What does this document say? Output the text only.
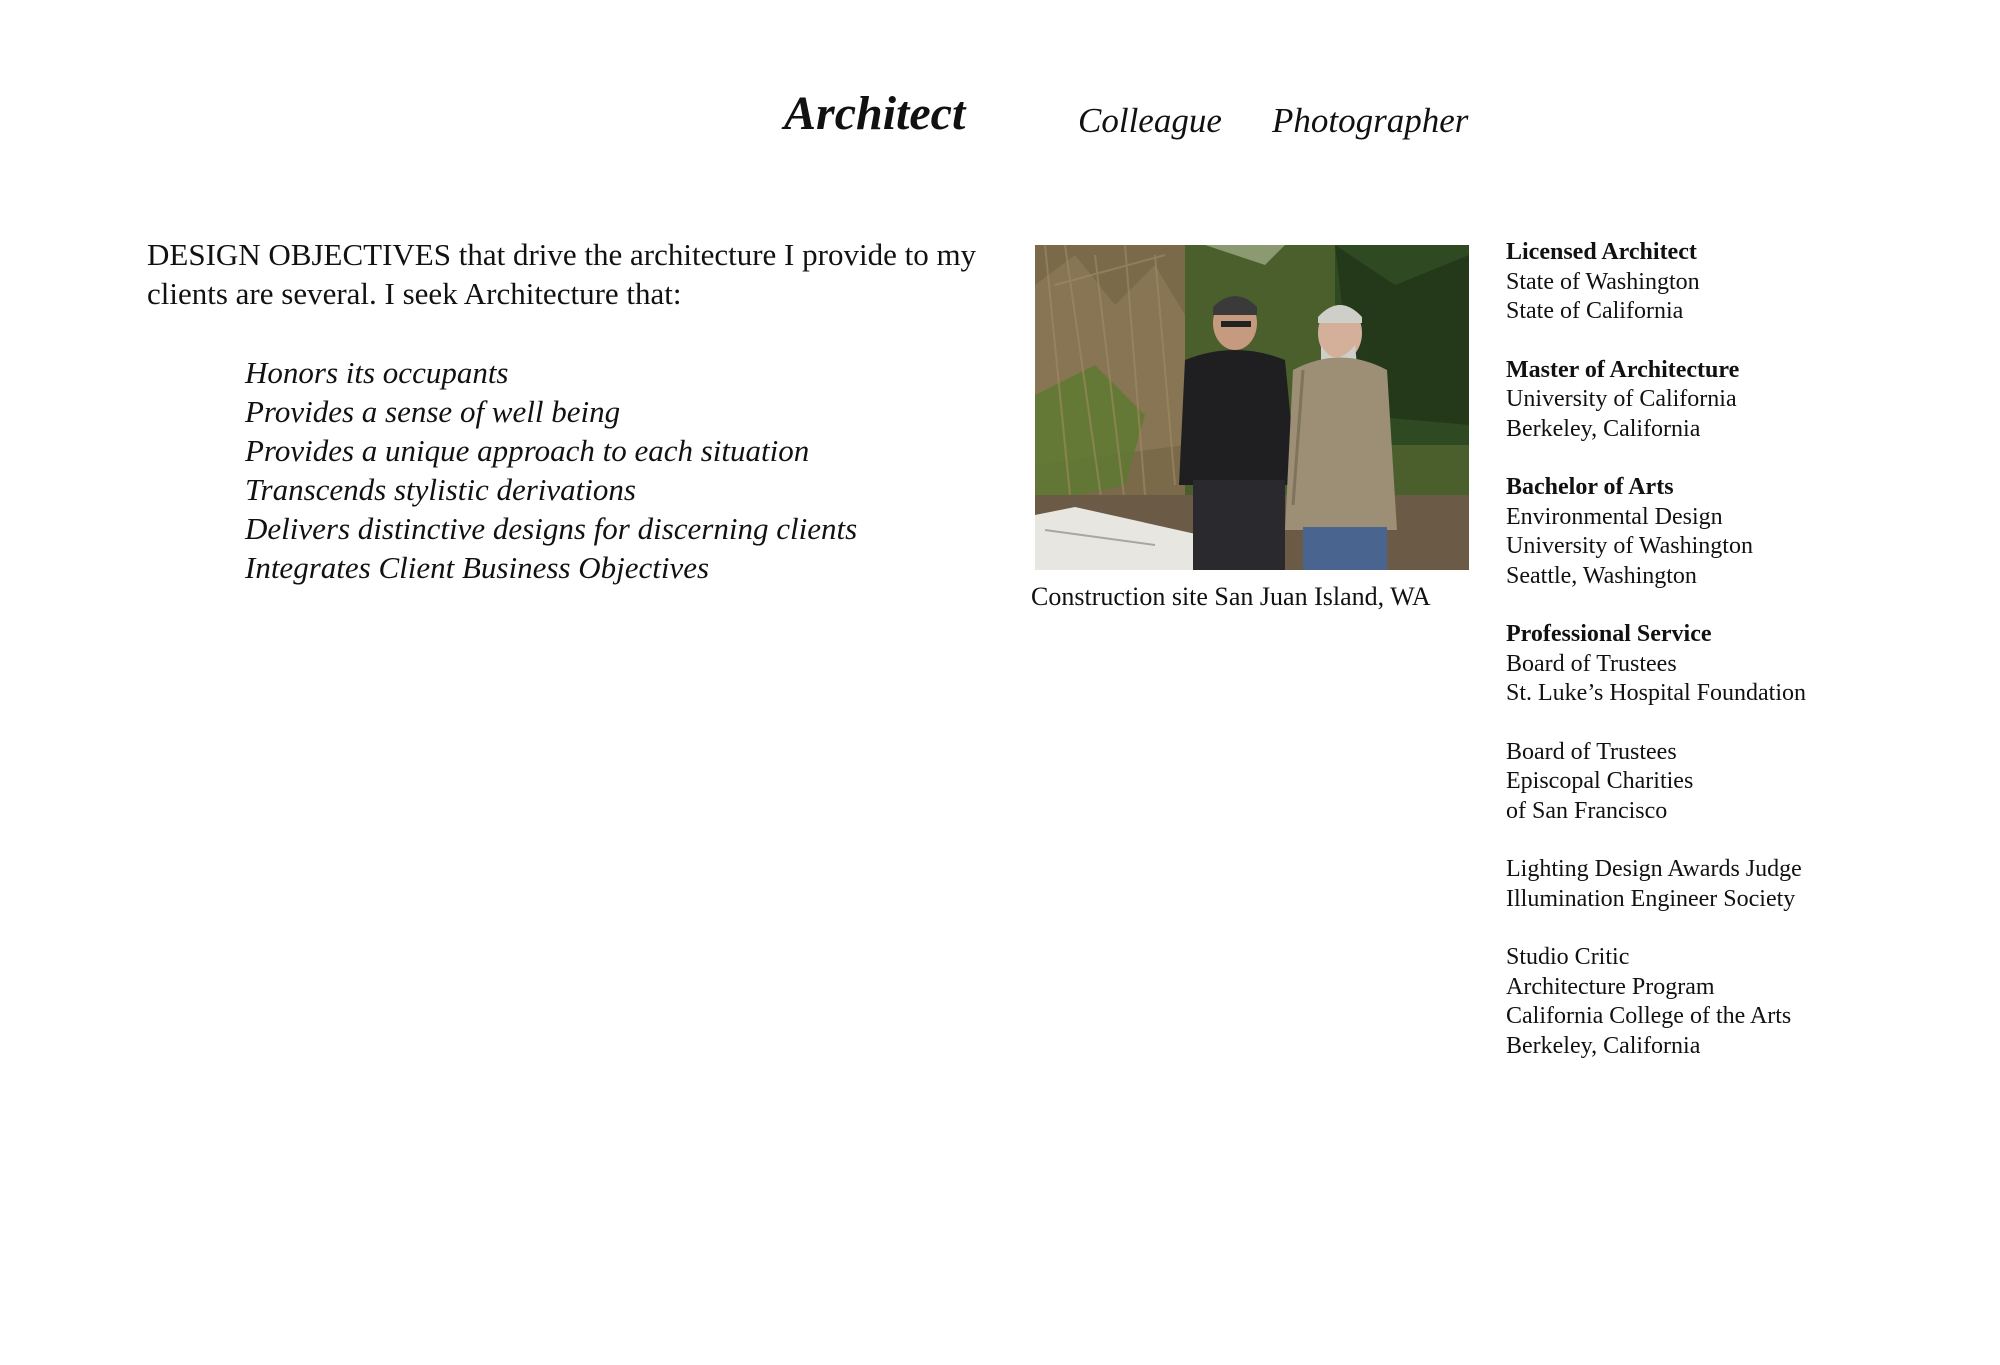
Architect	Colleague Photographer

DESIGN OBJECTIVES that drive the architecture I provide to my clients are several. I seek Architecture that:

Honors its occupants
Provides a sense of well being
Provides a unique approach to each situation
Transcends stylistic derivations
Delivers distinctive designs for discerning clients
Integrates Client Business Objectives
Construction site San Juan Island, WA
Licensed Architect
State of Washington
State of California
Master of Architecture
University of California
Berkeley, California
Bachelor of Arts
Environmental Design
University of Washington
Seattle, Washington
Professional Service
Board of Trustees
St. Luke’s Hospital Foundation
Board of Trustees
Episcopal Charities
of San Francisco
Lighting Design Awards Judge
Illumination Engineer Society
Studio Critic
Architecture Program
California College of the Arts
Berkeley, California
